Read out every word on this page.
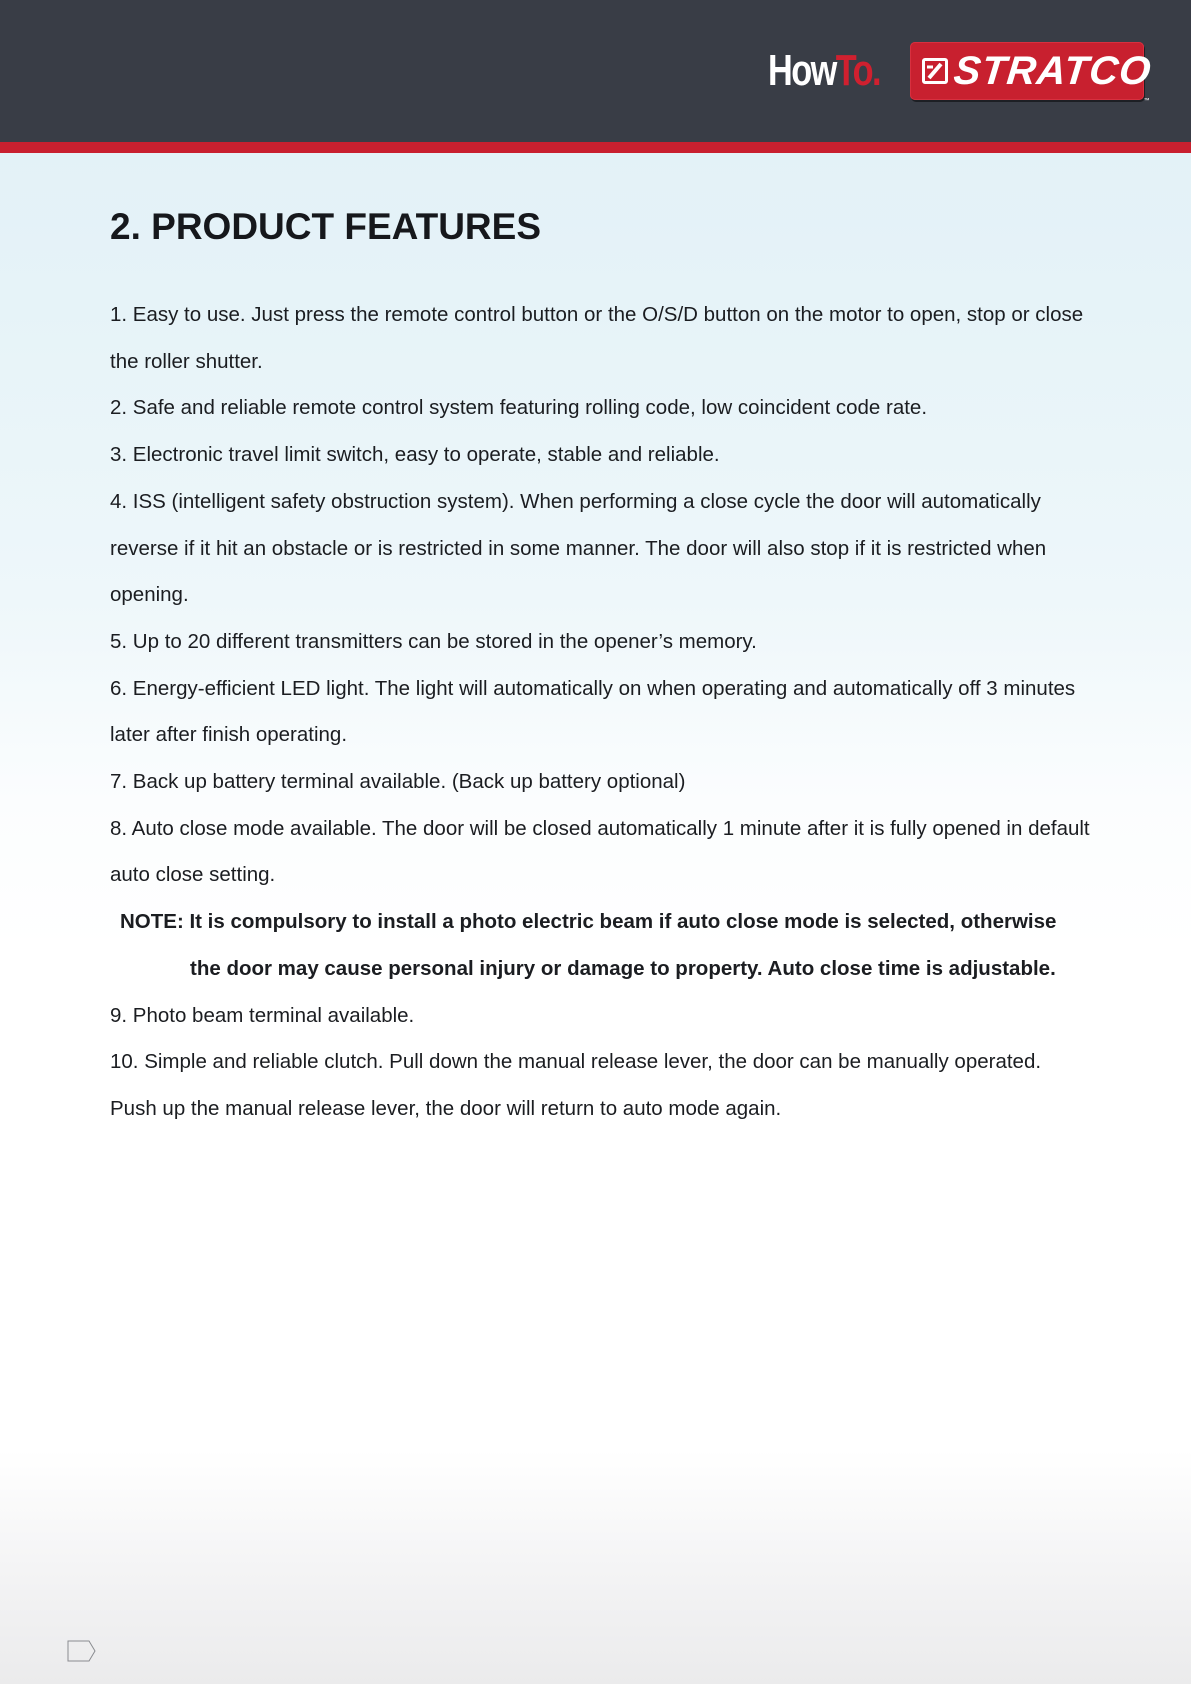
How To. STRATCO
™
2. PRODUCT FEATURES
1. Easy to use. Just press the remote control button or the O/S/D button on the motor to open, stop or close the roller shutter.
2. Safe and reliable remote control system featuring rolling code, low coincident code rate.
3. Electronic travel limit switch, easy to operate, stable and reliable.
4. ISS (intelligent safety obstruction system). When performing a close cycle the door will automatically reverse if it hit an obstacle or is restricted in some manner. The door will also stop if it is restricted when opening.
5. Up to 20 different transmitters can be stored in the opener’s memory.
6. Energy-efficient LED light. The light will automatically on when operating and automatically off 3 minutes later after finish operating.
7. Back up battery terminal available. (Back up battery optional)
8. Auto close mode available. The door will be closed automatically 1 minute after it is fully opened in default auto close setting.
NOTE: It is compulsory to install a photo electric beam if auto close mode is selected, otherwise
the door may cause personal injury or damage to property. Auto close time is adjustable.
9. Photo beam terminal available.
10. Simple and reliable clutch. Pull down the manual release lever, the door can be manually operated. Push up the manual release lever, the door will return to auto mode again.
